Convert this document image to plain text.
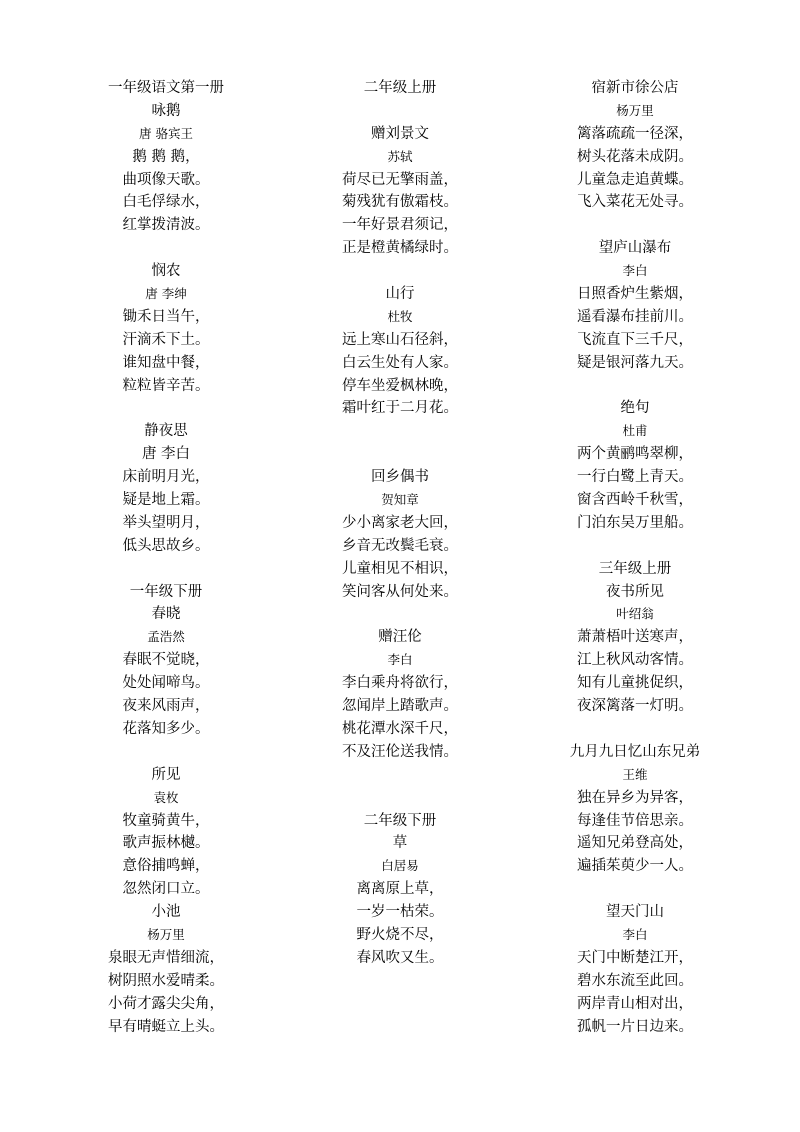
一年级语文第一册
咏鹅
唐 骆宾王
鹅 鹅 鹅，
曲项像天歌。
白毛俘绿水，
红掌拨清波。
悯农
唐 李绅
锄禾日当午，
汗滴禾下土。
谁知盘中餐，
粒粒皆辛苦。
静夜思
唐 李白
床前明月光，
疑是地上霜。
举头望明月，
低头思故乡。
一年级下册
春晓
孟浩然
春眠不觉晓，
处处闻啼鸟。
夜来风雨声，
花落知多少。
所见
袁枚
牧童骑黄牛，
歌声振林樾。
意俗捕鸣蝉，
忽然闭口立。
小池
杨万里
泉眼无声惜细流，
树阴照水爱晴柔。
小荷才露尖尖角，
早有晴蜓立上头。
二年级上册
赠刘景文
苏轼
荷尽已无擎雨盖，
菊残犹有傲霜枝。
一年好景君须记，
正是橙黄橘绿时。
山行
杜牧
远上寒山石径斜，
白云生处有人家。
停车坐爱枫林晚，
霜叶红于二月花。
回乡偶书
贺知章
少小离家老大回，
乡音无改鬓毛衰。
儿童相见不相识，
笑问客从何处来。
赠汪伦
李白
李白乘舟将欲行，
忽闻岸上踏歌声。
桃花潭水深千尺，
不及汪伦送我情。
二年级下册
草
白居易
离离原上草，
一岁一枯荣。
野火烧不尽，
春风吹又生。
宿新市徐公店
杨万里
篱落疏疏一径深，
树头花落未成阴。
儿童急走追黄蝶。
飞入菜花无处寻。
望庐山瀑布
李白
日照香炉生紫烟，
遥看瀑布挂前川。
飞流直下三千尺，
疑是银河落九天。
绝句
杜甫
两个黄鹂鸣翠柳，
一行白鹭上青天。
窗含西岭千秋雪，
门泊东吴万里船。
三年级上册
夜书所见
叶绍翁
萧萧梧叶送寒声，
江上秋风动客情。
知有儿童挑促织，
夜深篱落一灯明。
九月九日忆山东兄弟
王维
独在异乡为异客，
每逢佳节倍思亲。
遥知兄弟登高处，
遍插茱萸少一人。
望天门山
李白
天门中断楚江开，
碧水东流至此回。
两岸青山相对出，
孤帆一片日边来。
